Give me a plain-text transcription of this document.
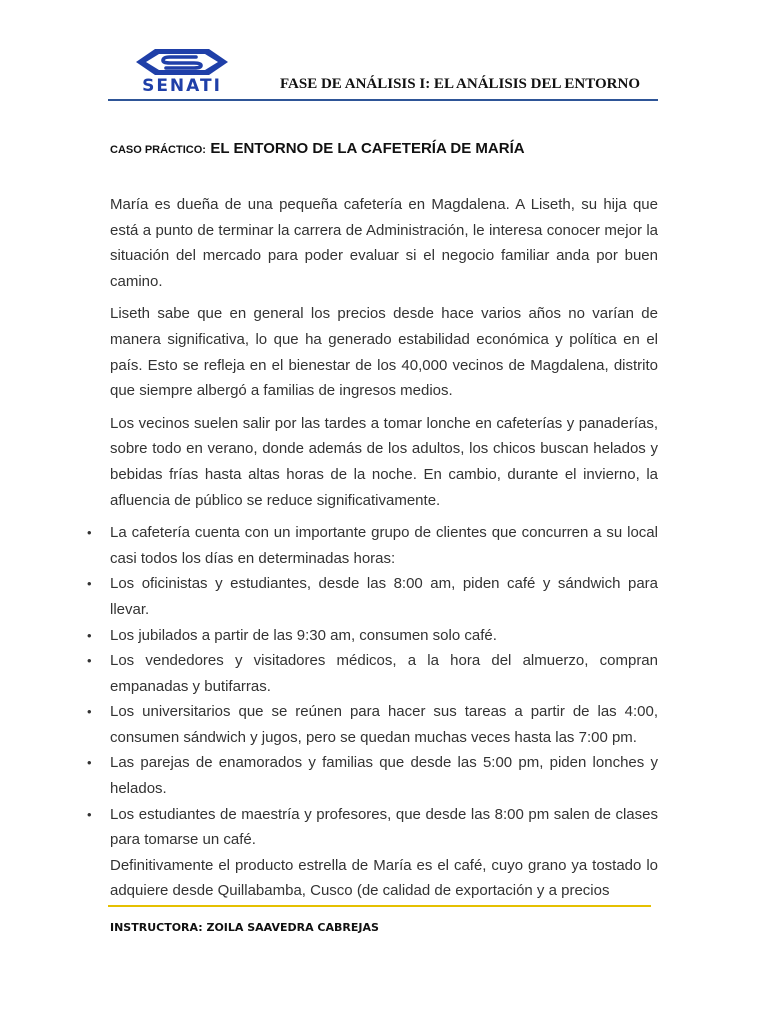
SENATI	FASE DE ANÁLISIS I: EL ANÁLISIS DEL ENTORNO
CASO PRÁCTICO: EL ENTORNO DE LA CAFETERÍA DE MARÍA

María es dueña de una pequeña cafetería en Magdalena. A Liseth, su hija que está a punto de terminar la carrera de Administración, le interesa conocer mejor la situación del mercado para poder evaluar si el negocio familiar anda por buen camino.

Liseth sabe que en general los precios desde hace varios años no varían de manera significativa, lo que ha generado estabilidad económica y política en el país. Esto se refleja en el bienestar de los 40,000 vecinos de Magdalena, distrito que siempre albergó a familias de ingresos medios.

Los vecinos suelen salir por las tardes a tomar lonche en cafeterías y panaderías, sobre todo en verano, donde además de los adultos, los chicos buscan helados y bebidas frías hasta altas horas de la noche. En cambio, durante el invierno, la afluencia de público se reduce significativamente.

• La cafetería cuenta con un importante grupo de clientes que concurren a su local casi todos los días en determinadas horas:
• Los oficinistas y estudiantes, desde las 8:00 am, piden café y sándwich para llevar.
• Los jubilados a partir de las 9:30 am, consumen solo café.
• Los vendedores y visitadores médicos, a la hora del almuerzo, compran empanadas y butifarras.
• Los universitarios que se reúnen para hacer sus tareas a partir de las 4:00, consumen sándwich y jugos, pero se quedan muchas veces hasta las 7:00 pm.
• Las parejas de enamorados y familias que desde las 5:00 pm, piden lonches y helados.
• Los estudiantes de maestría y profesores, que desde las 8:00 pm salen de clases para tomarse un café.
Definitivamente el producto estrella de María es el café, cuyo grano ya tostado lo adquiere desde Quillabamba, Cusco (de calidad de exportación y a precios
INSTRUCTORA: ZOILA SAAVEDRA CABREJAS
